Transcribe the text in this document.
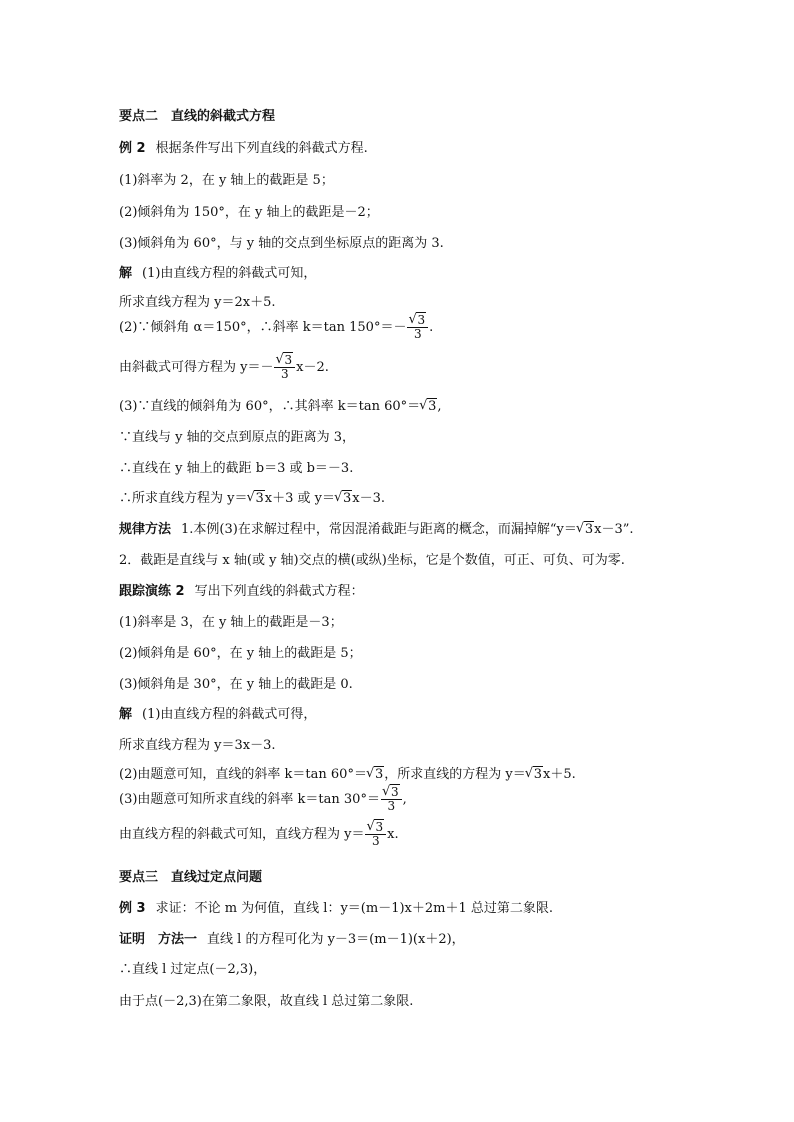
要点二　直线的斜截式方程
例 2 根据条件写出下列直线的斜截式方程.
(1)斜率为 2，在 y 轴上的截距是 5；
(2)倾斜角为 150°，在 y 轴上的截距是－2；
(3)倾斜角为 60°，与 y 轴的交点到坐标原点的距离为 3.
解 (1)由直线方程的斜截式可知，
所求直线方程为 y＝2x＋5.
(2)∵倾斜角 α＝150°，∴斜率 k＝tan 150°＝－ √ $\frac{3}{3}$ .
由斜截式可得方程为 y＝－ √ $\frac{3}{3} x-2$.
(3)∵直线的倾斜角为 60°，∴其斜率 k＝tan 60°＝ √ 3,
∵直线与 y 轴的交点到原点的距离为 3，
∴直线在 y 轴上的截距 b＝3 或 b＝－3.
∴所求直线方程为 y＝ √ 3x＋3 或 y＝ √ 3x－3.
规律方法 1.本例(3)在求解过程中，常因混淆截距与距离的概念，而漏掉解“y＝ √ 3x－3”.
2．截距是直线与 x 轴(或 y 轴)交点的横(或纵)坐标，它是个数值，可正、可负、可为零.
跟踪演练 2 写出下列直线的斜截式方程：
(1)斜率是 3，在 y 轴上的截距是－3；
(2)倾斜角是 60°，在 y 轴上的截距是 5；
(3)倾斜角是 30°，在 y 轴上的截距是 0.
解 (1)由直线方程的斜截式可得，
所求直线方程为 y＝3x－3.
(2)由题意可知，直线的斜率 k＝tan 60°＝ √ 3，所求直线的方程为 y＝ √ 3x＋5.
(3)由题意可知所求直线的斜率 k＝tan 30°＝ √ $\frac{3}{3}$ ,
由直线方程的斜截式可知，直线方程为 y＝ √ $\frac{3}{3} x$.
要点三　直线过定点问题
例 3 求证：不论 m 为何值，直线 l：y＝(m－1)x＋2m＋1 总过第二象限.
证明　方法一 直线 l 的方程可化为 y－3＝(m－1)(x＋2)，
∴直线 l 过定点(－2,3)，
由于点(－2,3)在第二象限，故直线 l 总过第二象限.
